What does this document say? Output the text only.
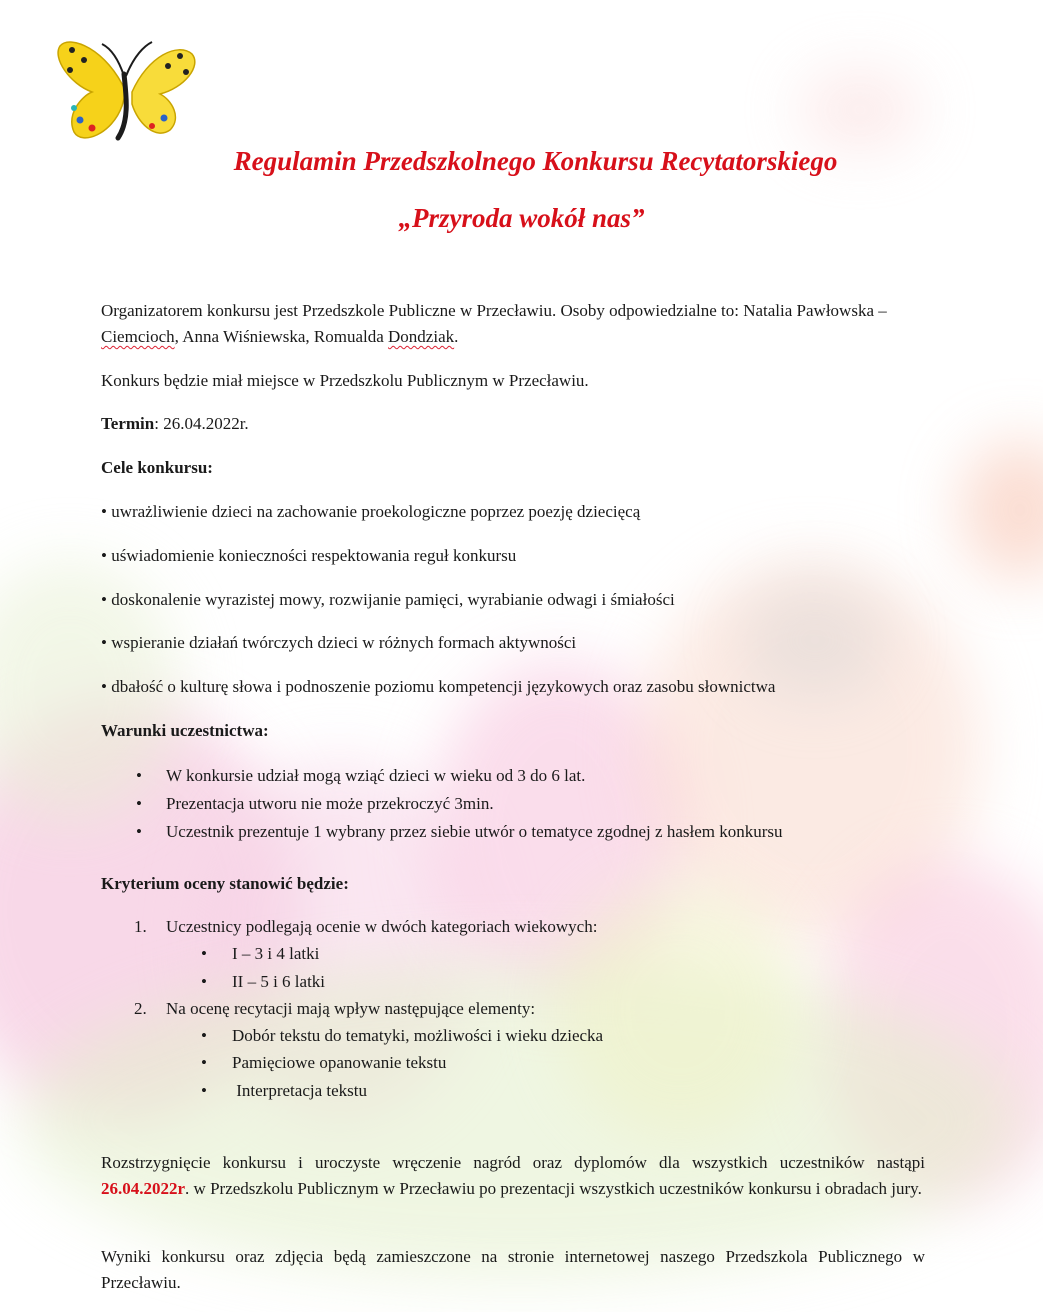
Regulamin Przedszkolnego Konkursu Recytatorskiego
„Przyroda wokół nas”

Organizatorem konkursu jest Przedszkole Publiczne w Przecławiu. Osoby odpowiedzialne to: Natalia Pawłowska – Ciemcioch, Anna Wiśniewska, Romualda Dondziak.

Konkurs będzie miał miejsce w Przedszkolu Publicznym w Przecławiu.

Termin: 26.04.2022r.

Cele konkursu:

• uwrażliwienie dzieci na zachowanie proekologiczne poprzez poezję dziecięcą

• uświadomienie konieczności respektowania reguł konkursu

• doskonalenie wyrazistej mowy, rozwijanie pamięci, wyrabianie odwagi i śmiałości

• wspieranie działań twórczych dzieci w różnych formach aktywności

• dbałość o kulturę słowa i podnoszenie poziomu kompetencji językowych oraz zasobu słownictwa

Warunki uczestnictwa:

• W konkursie udział mogą wziąć dzieci w wieku od 3 do 6 lat.
• Prezentacja utworu nie może przekroczyć 3min.
• Uczestnik prezentuje 1 wybrany przez siebie utwór o tematyce zgodnej z hasłem konkursu

Kryterium oceny stanowić będzie:

1. Uczestnicy podlegają ocenie w dwóch kategoriach wiekowych:
• I – 3 i 4 latki
• II – 5 i 6 latki
2. Na ocenę recytacji mają wpływ następujące elementy:
• Dobór tekstu do tematyki, możliwości i wieku dziecka
• Pamięciowe opanowanie tekstu
• Interpretacja tekstu

Rozstrzygnięcie konkursu i uroczyste wręczenie nagród oraz dyplomów dla wszystkich uczestników nastąpi 26.04.2022r. w Przedszkolu Publicznym w Przecławiu po prezentacji wszystkich uczestników konkursu i obradach jury.

Wyniki konkursu oraz zdjęcia będą zamieszczone na stronie internetowej naszego Przedszkola Publicznego w Przecławiu.
